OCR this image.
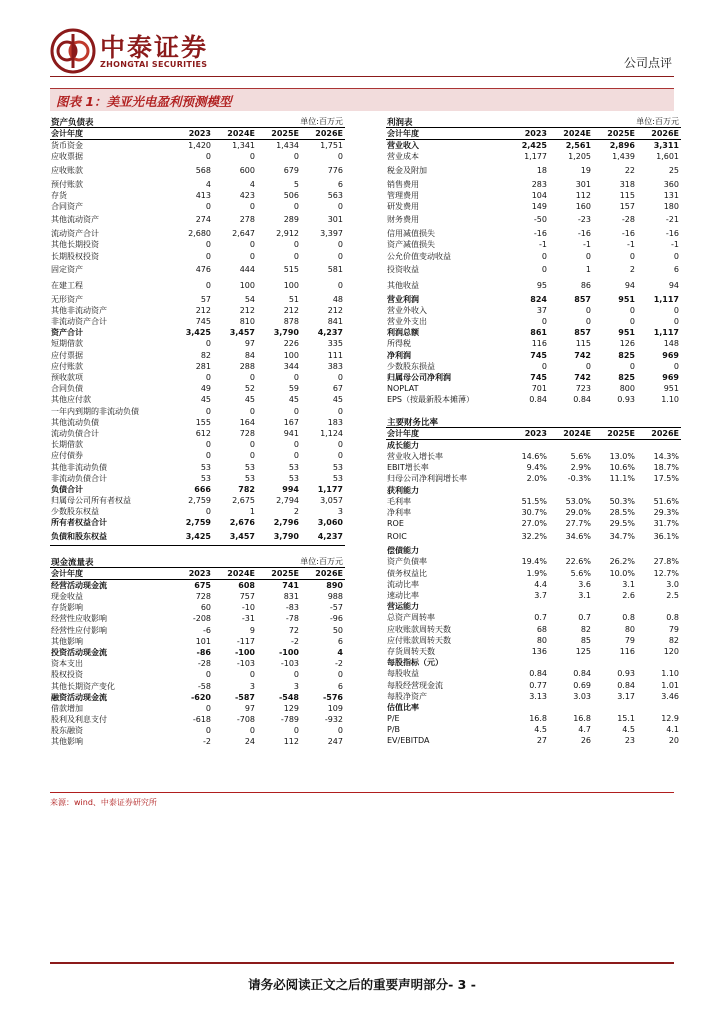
中泰证券
ZHONGTAI SECURITIES	公司点评
图表 1：美亚光电盈利预测模型
资产负债表	单位:百万元
会计年度	2023	2024E	2025E	2026E
货币资金	1,420	1,341	1,434	1,751
应收票据	0	0	0	0
应收账款	568	600	679	776
预付账款	4	4	5	6
存货	413	423	506	563
合同资产	0	0	0	0
其他流动资产	274	278	289	301
流动资产合计	2,680	2,647	2,912	3,397
其他长期投资	0	0	0	0
长期股权投资	0	0	0	0
固定资产	476	444	515	581
在建工程	0	100	100	0
无形资产	57	54	51	48
其他非流动资产	212	212	212	212
非流动资产合计	745	810	878	841
资产合计	3,425	3,457	3,790	4,237
短期借款	0	97	226	335
应付票据	82	84	100	111
应付账款	281	288	344	383
预收款项	0	0	0	0
合同负债	49	52	59	67
其他应付款	45	45	45	45
一年内到期的非流动负债	0	0	0	0
其他流动负债	155	164	167	183
流动负债合计	612	728	941	1,124
长期借款	0	0	0	0
应付债券	0	0	0	0
其他非流动负债	53	53	53	53
非流动负债合计	53	53	53	53
负债合计	666	782	994	1,177
归属母公司所有者权益	2,759	2,675	2,794	3,057
少数股东权益	0	1	2	3
所有者权益合计	2,759	2,676	2,796	3,060
负债和股东权益	3,425	3,457	3,790	4,237
现金流量表	单位:百万元
会计年度	2023	2024E	2025E	2026E
经营活动现金流	675	608	741	890
现金收益	728	757	831	988
存货影响	60	-10	-83	-57
经营性应收影响	-208	-31	-78	-96
经营性应付影响	-6	9	72	50
其他影响	101	-117	-2	6
投资活动现金流	-86	-100	-100	4
资本支出	-28	-103	-103	-2
股权投资	0	0	0	0
其他长期资产变化	-58	3	3	6
融资活动现金流	-620	-587	-548	-576
借款增加	0	97	129	109
股利及利息支付	-618	-708	-789	-932
股东融资	0	0	0	0
其他影响	-2	24	112	247
利润表	单位:百万元
会计年度	2023	2024E	2025E	2026E
营业收入	2,425	2,561	2,896	3,311
营业成本	1,177	1,205	1,439	1,601
税金及附加	18	19	22	25
销售费用	283	301	318	360
管理费用	104	112	115	131
研发费用	149	160	157	180
财务费用	-50	-23	-28	-21
信用减值损失	-16	-16	-16	-16
资产减值损失	-1	-1	-1	-1
公允价值变动收益	0	0	0	0
投资收益	0	1	2	6
其他收益	95	86	94	94
营业利润	824	857	951	1,117
营业外收入	37	0	0	0
营业外支出	0	0	0	0
利润总额	861	857	951	1,117
所得税	116	115	126	148
净利润	745	742	825	969
少数股东损益	0	0	0	0
归属母公司净利润	745	742	825	969
NOPLAT	701	723	800	951
EPS（按最新股本摊薄）	0.84	0.84	0.93	1.10
主要财务比率
会计年度	2023	2024E	2025E	2026E
成长能力
营业收入增长率	14.6%	5.6%	13.0%	14.3%
EBIT增长率	9.4%	2.9%	10.6%	18.7%
归母公司净利润增长率	2.0%	-0.3%	11.1%	17.5%
获利能力
毛利率	51.5%	53.0%	50.3%	51.6%
净利率	30.7%	29.0%	28.5%	29.3%
ROE	27.0%	27.7%	29.5%	31.7%
ROIC	32.2%	34.6%	34.7%	36.1%
偿债能力
资产负债率	19.4%	22.6%	26.2%	27.8%
债务权益比	1.9%	5.6%	10.0%	12.7%
流动比率	4.4	3.6	3.1	3.0
速动比率	3.7	3.1	2.6	2.5
营运能力
总资产周转率	0.7	0.7	0.8	0.8
应收账款周转天数	68	82	80	79
应付账款周转天数	80	85	79	82
存货周转天数	136	125	116	120
每股指标（元）
每股收益	0.84	0.84	0.93	1.10
每股经营现金流	0.77	0.69	0.84	1.01
每股净资产	3.13	3.03	3.17	3.46
估值比率
P/E	16.8	16.8	15.1	12.9
P/B	4.5	4.7	4.5	4.1
EV/EBITDA	27	26	23	20
来源：wind、中泰证券研究所
请务必阅读正文之后的重要声明部分- 3 -
